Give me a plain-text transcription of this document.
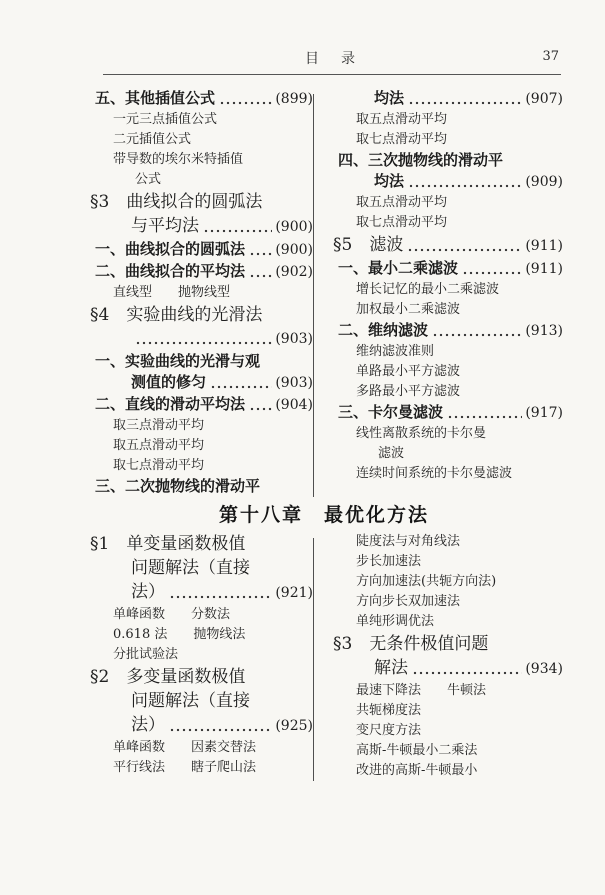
目　录	37
五、其他插值公式	(899)
一元三点插值公式
二元插值公式
带导数的埃尔米特插值
公式
§3　曲线拟合的圆弧法
与平均法	(900)
一、曲线拟合的圆弧法 (900)
二、曲线拟合的平均法 (902)
直线型　　抛物线型
§4　实验曲线的光滑法
(903)
一、实验曲线的光滑与观
测值的修匀	(903)
二、直线的滑动平均法 (904)
取三点滑动平均
取五点滑动平均
取七点滑动平均
三、二次抛物线的滑动平
均法	(907)
取五点滑动平均
取七点滑动平均
四、三次抛物线的滑动平
均法	(909)
取五点滑动平均
取七点滑动平均
§5　滤波	(911)
一、最小二乘滤波	(911)
增长记忆的最小二乘滤波
加权最小二乘滤波
二、维纳滤波	(913)
维纳滤波准则
单路最小平方滤波
多路最小平方滤波
三、卡尔曼滤波	(917)
线性离散系统的卡尔曼
滤波
连续时间系统的卡尔曼滤波
第十八章　最优化方法
§1　单变量函数极值
问题解法（直接
法）	(921)
单峰函数　　分数法
0.618 法　　抛物线法
分批试验法
§2　多变量函数极值
问题解法（直接
法）	(925)
单峰函数　　因素交替法
平行线法　　瞎子爬山法
陡度法与对角线法
步长加速法
方向加速法(共轭方向法)
方向步长双加速法
单纯形调优法
§3　无条件极值问题
解法	(934)
最速下降法　　牛顿法
共轭梯度法
变尺度方法
高斯-牛顿最小二乘法
改进的高斯-牛顿最小
